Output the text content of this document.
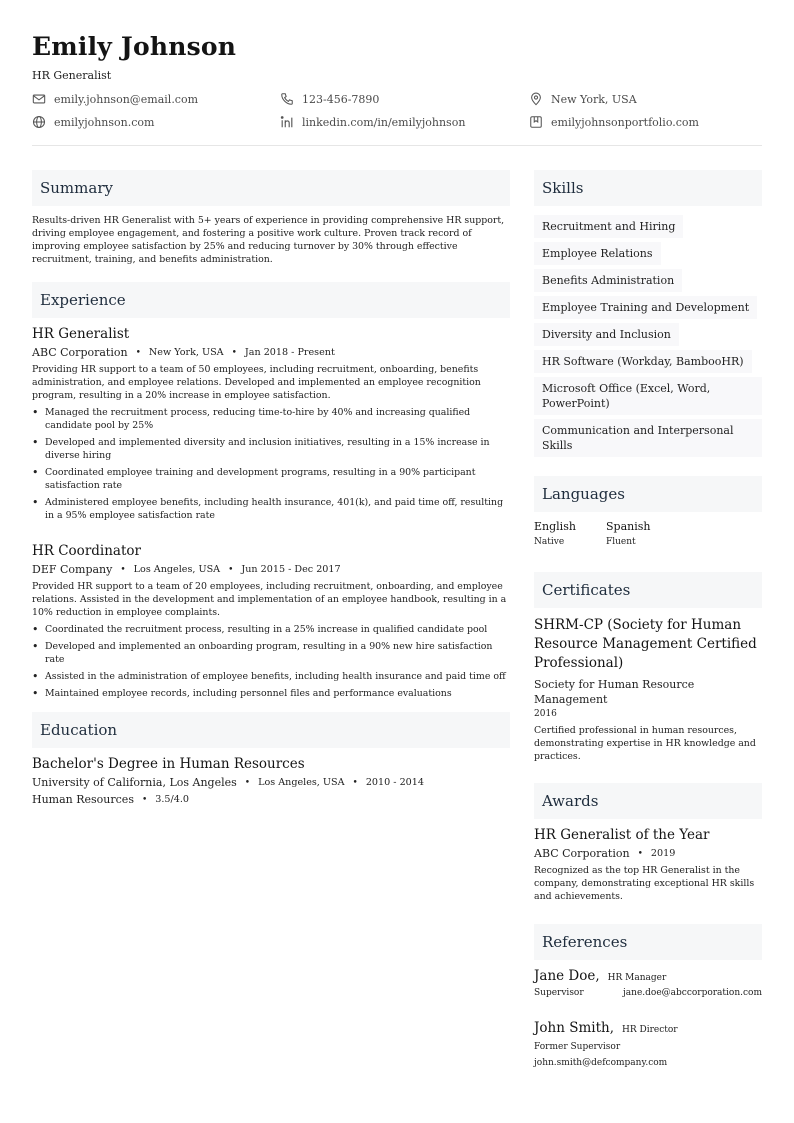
Emily Johnson
HR Generalist
emily.johnson@email.com	123-456-7890	New York, USA
emilyjohnson.com	linkedin.com/in/emilyjohnson	emilyjohnsonportfolio.com
Summary
Results-driven HR Generalist with 5+ years of experience in providing comprehensive HR support, driving employee engagement, and fostering a positive work culture. Proven track record of improving employee satisfaction by 25% and reducing turnover by 30% through effective recruitment, training, and benefits administration.
Experience
HR Generalist
ABC Corporation • New York, USA • Jan 2018 - Present
Providing HR support to a team of 50 employees, including recruitment, onboarding, benefits administration, and employee relations. Developed and implemented an employee recognition program, resulting in a 20% increase in employee satisfaction.
• Managed the recruitment process, reducing time-to-hire by 40% and increasing qualified candidate pool by 25%
• Developed and implemented diversity and inclusion initiatives, resulting in a 15% increase in diverse hiring
• Coordinated employee training and development programs, resulting in a 90% participant satisfaction rate
• Administered employee benefits, including health insurance, 401(k), and paid time off, resulting in a 95% employee satisfaction rate
HR Coordinator
DEF Company • Los Angeles, USA • Jun 2015 - Dec 2017
Provided HR support to a team of 20 employees, including recruitment, onboarding, and employee relations. Assisted in the development and implementation of an employee handbook, resulting in a 10% reduction in employee complaints.
• Coordinated the recruitment process, resulting in a 25% increase in qualified candidate pool
• Developed and implemented an onboarding program, resulting in a 90% new hire satisfaction rate
• Assisted in the administration of employee benefits, including health insurance and paid time off
• Maintained employee records, including personnel files and performance evaluations
Education
Bachelor's Degree in Human Resources
University of California, Los Angeles • Los Angeles, USA • 2010 - 2014
Human Resources • 3.5/4.0
Skills
Recruitment and Hiring
Employee Relations
Benefits Administration
Employee Training and Development
Diversity and Inclusion
HR Software (Workday, BambooHR)
Microsoft Office (Excel, Word, PowerPoint)
Communication and Interpersonal Skills
Languages
English
Native
Spanish
Fluent
Certificates
SHRM-CP (Society for Human Resource Management Certified Professional)
Society for Human Resource Management
2016
Certified professional in human resources, demonstrating expertise in HR knowledge and practices.
Awards
HR Generalist of the Year
ABC Corporation • 2019
Recognized as the top HR Generalist in the company, demonstrating exceptional HR skills and achievements.
References
Jane Doe, HR Manager
Supervisor	jane.doe@abccorporation.com
John Smith, HR Director
Former Supervisor
john.smith@defcompany.com
